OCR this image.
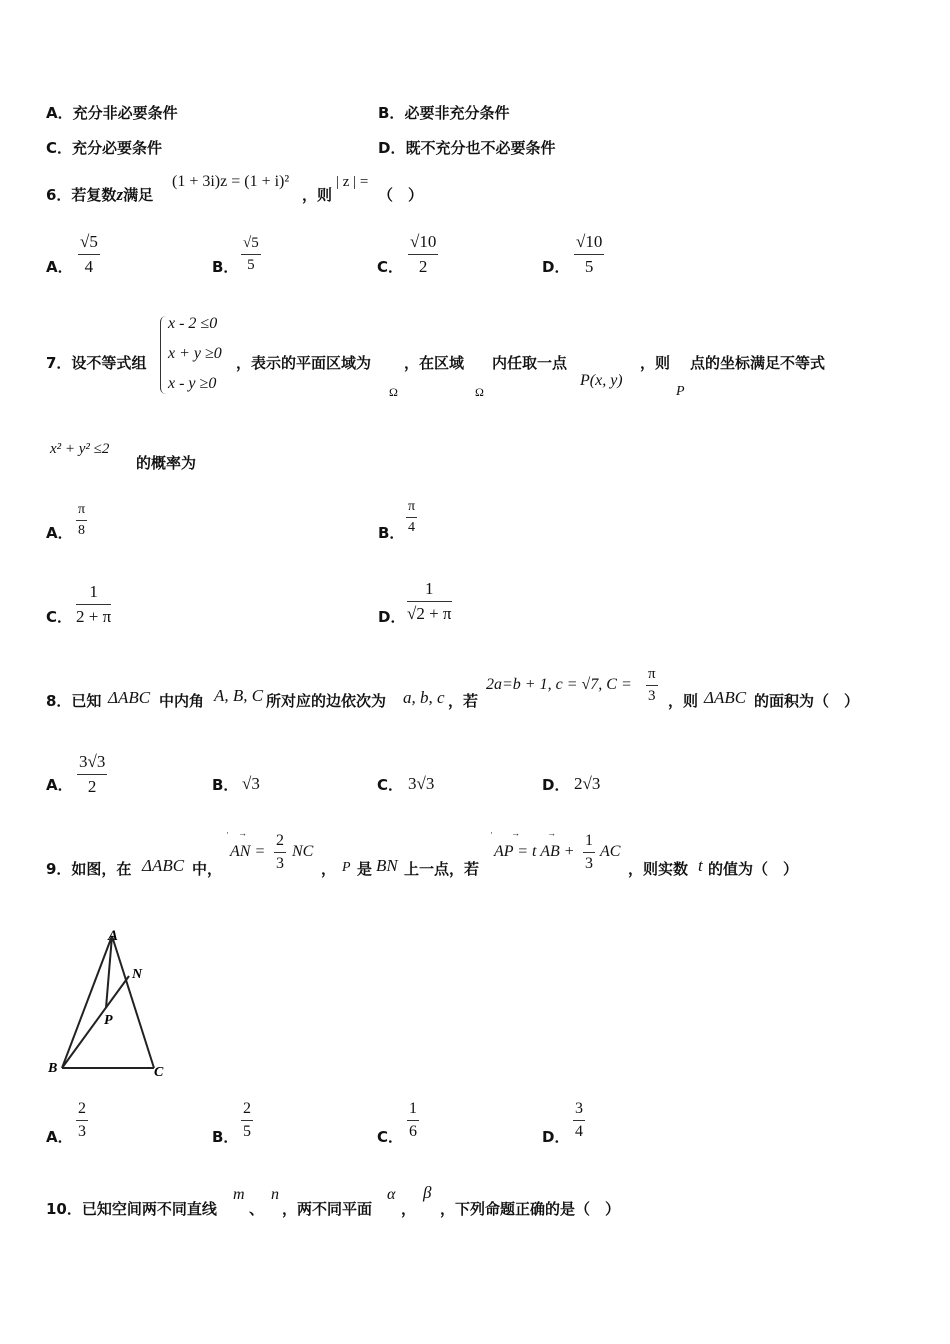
A．充分非必要条件	B．必要非充分条件
C．充分必要条件	D．既不充分也不必要条件
6．若复数z满足
(1 + 3i)z = (1 + i)²
，则
| z | =
（　）
A． $\frac{√5}{4}$	B． $\frac{√5}{5}$	C． $\frac{√10}{2}$	D． $\frac{√10}{5}$
7．设不等式组
x - 2 ≤0
x + y ≥0
x - y ≥0
，表示的平面区域为 ，在区域 内任取一点	，则 点的坐标满足不等式
Ω	Ω
P(x, y)
P
x² + y² ≤2
的概率为
A． $\frac{\pi}{8}$	B． $\frac{\pi}{4}$
C． $\frac{1}{2 + \pi}$	D． $\frac{1}{√2 + \pi}$
8．已知 ΔABC 中内角 A, B, C 所对应的边依次为 a, b, c ，若
2a=b + 1, c = √7, $C = \frac{\pi}{3}$ ，则 ΔABC 的面积为（　）
A． $\frac{3√3}{2}$	B． √3	C． 3√3	D． 2√3
9．如图，在 ΔABC 中，
AN =
·　→ $\frac{2}{3}$ NC
， P 是 BN 上一点，若
AP = t AB +
·　　→　　　→ $\frac{1}{3}$ AC
，则实数 t 的值为（　）
A
N
P
B	C
A． $\frac{2}{3}$	B． $\frac{2}{5}$	C． $\frac{1}{6}$	D． $\frac{3}{4}$
10．已知空间两不同直线
m
、
n
，两不同平面
α
，
β
，下列命题正确的是（　）
